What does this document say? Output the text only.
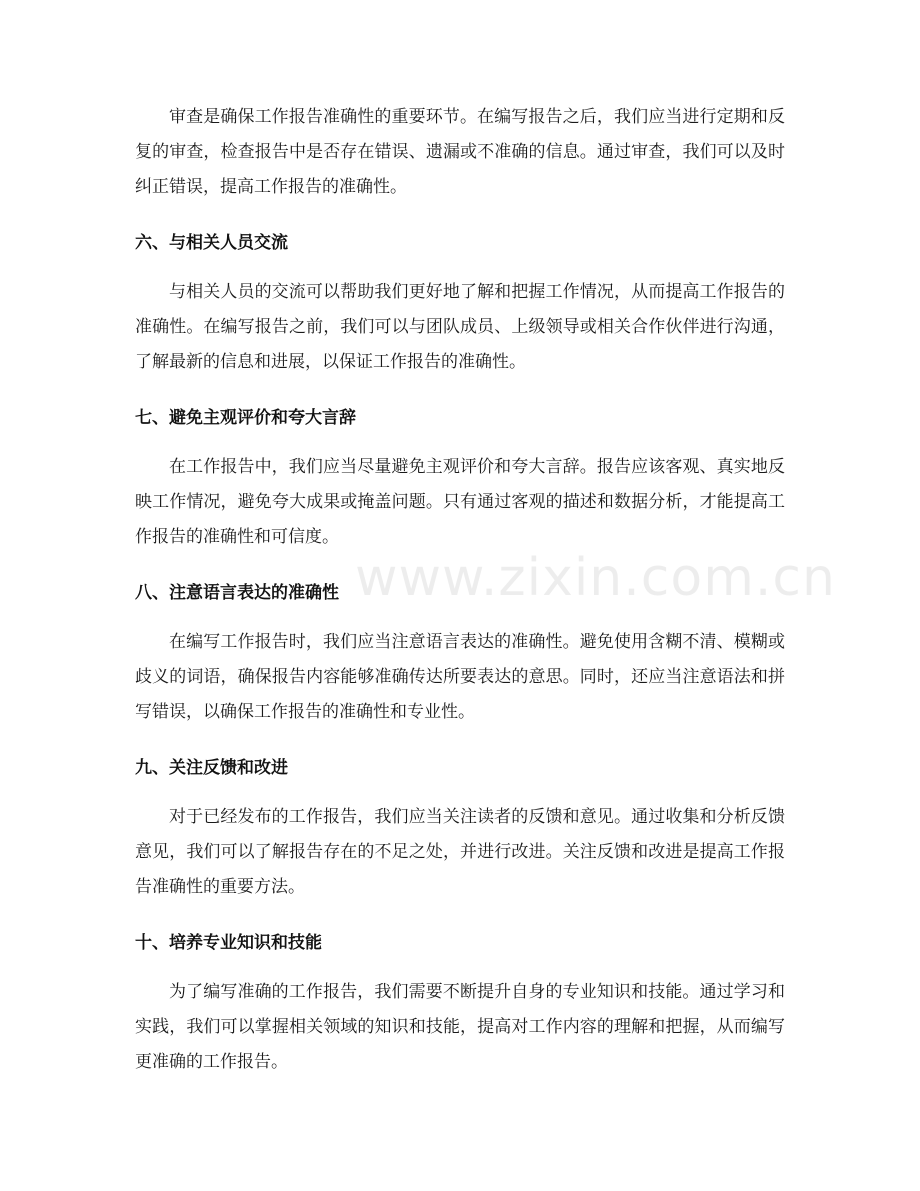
审查是确保工作报告准确性的重要环节。在编写报告之后，我们应当进行定期和反复的审查，检查报告中是否存在错误、遗漏或不准确的信息。通过审查，我们可以及时纠正错误，提高工作报告的准确性。

六、与相关人员交流

与相关人员的交流可以帮助我们更好地了解和把握工作情况，从而提高工作报告的准确性。在编写报告之前，我们可以与团队成员、上级领导或相关合作伙伴进行沟通，了解最新的信息和进展，以保证工作报告的准确性。

七、避免主观评价和夸大言辞

在工作报告中，我们应当尽量避免主观评价和夸大言辞。报告应该客观、真实地反映工作情况，避免夸大成果或掩盖问题。只有通过客观的描述和数据分析，才能提高工作报告的准确性和可信度。

八、注意语言表达的准确性

在编写工作报告时，我们应当注意语言表达的准确性。避免使用含糊不清、模糊或歧义的词语，确保报告内容能够准确传达所要表达的意思。同时，还应当注意语法和拼写错误，以确保工作报告的准确性和专业性。

九、关注反馈和改进

对于已经发布的工作报告，我们应当关注读者的反馈和意见。通过收集和分析反馈意见，我们可以了解报告存在的不足之处，并进行改进。关注反馈和改进是提高工作报告准确性的重要方法。

十、培养专业知识和技能

为了编写准确的工作报告，我们需要不断提升自身的专业知识和技能。通过学习和实践，我们可以掌握相关领域的知识和技能，提高对工作内容的理解和把握，从而编写更准确的工作报告。

www.zixin.com.cn
